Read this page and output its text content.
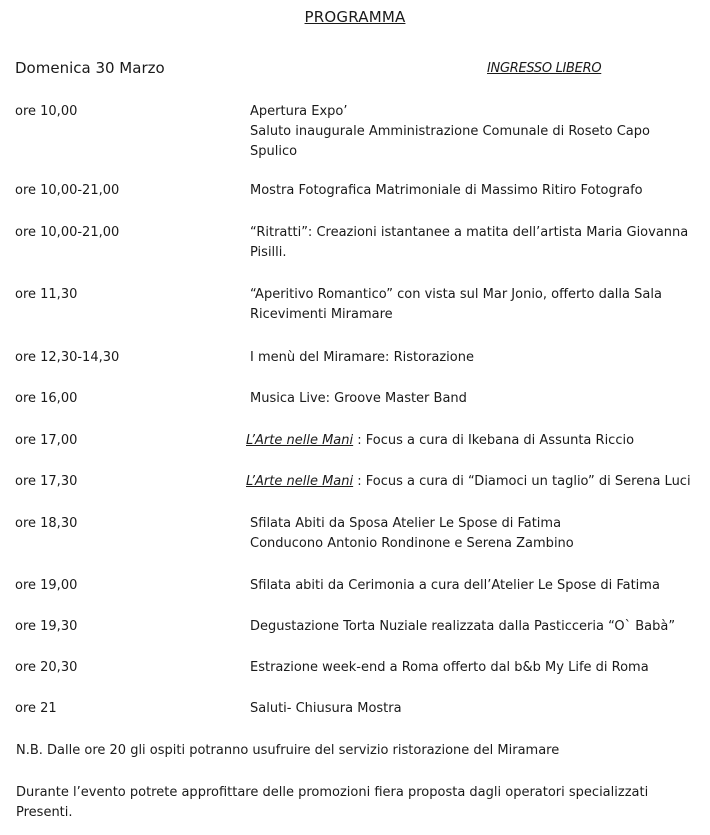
PROGRAMMA
Domenica 30 Marzo	INGRESSO LIBERO
ore 10,00	Apertura Expo’
Saluto inaugurale Amministrazione Comunale di Roseto Capo
Spulico
ore 10,00-21,00	Mostra Fotografica Matrimoniale di Massimo Ritiro Fotografo
ore 10,00-21,00	“Ritratti”: Creazioni istantanee a matita dell’artista Maria Giovanna
Pisilli.
ore 11,30	“Aperitivo Romantico” con vista sul Mar Jonio, offerto dalla Sala
Ricevimenti Miramare
ore 12,30-14,30	I menù del Miramare: Ristorazione
ore 16,00	Musica Live: Groove Master Band
ore 17,00	L’Arte nelle Mani : Focus a cura di Ikebana di Assunta Riccio
ore 17,30	L’Arte nelle Mani : Focus a cura di “Diamoci un taglio” di Serena Luci
ore 18,30	Sfilata Abiti da Sposa Atelier Le Spose di Fatima
Conducono Antonio Rondinone e Serena Zambino
ore 19,00	Sfilata abiti da Cerimonia a cura dell’Atelier Le Spose di Fatima
ore 19,30	Degustazione Torta Nuziale realizzata dalla Pasticceria “O` Babà”
ore 20,30	Estrazione week-end a Roma offerto dal b&b My Life di Roma
ore 21	Saluti- Chiusura Mostra
N.B. Dalle ore 20 gli ospiti potranno usufruire del servizio ristorazione del Miramare
Durante l’evento potrete approfittare delle promozioni fiera proposta dagli operatori specializzati
Presenti.
